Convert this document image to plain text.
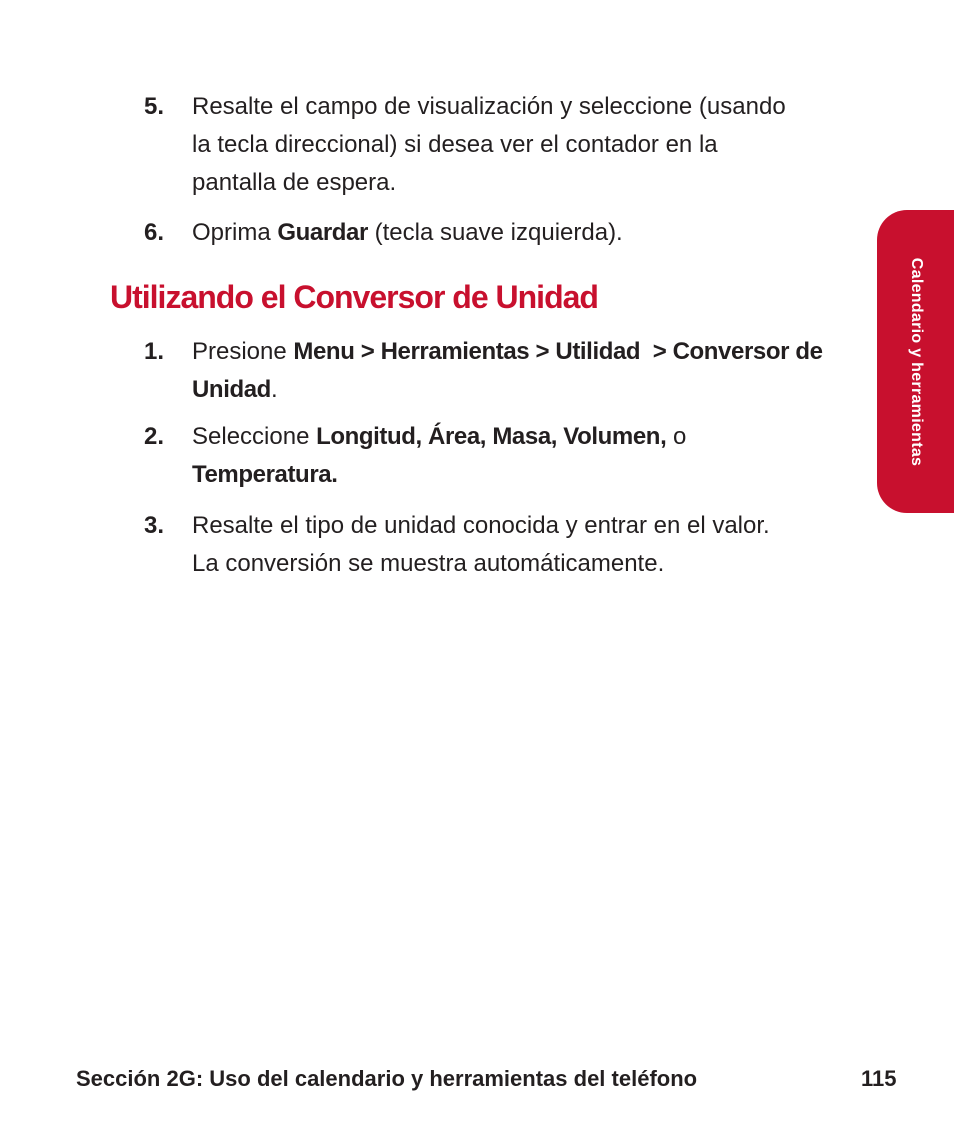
5.	Resalte el campo de visualización y seleccione (usando
la tecla direccional) si desea ver el contador en la
pantalla de espera.
6.	Oprima Guardar (tecla suave izquierda).
Utilizando el Conversor de Unidad
1.	Presione Menu > Herramientas > Utilidad  > Conversor de
Unidad.
2.	Seleccione Longitud, Área, Masa, Volumen, o
Temperatura.
3.	Resalte el tipo de unidad conocida y entrar en el valor.
La conversión se muestra automáticamente.
Calendario y herramientas
Sección 2G: Uso del calendario y herramientas del teléfono	115
